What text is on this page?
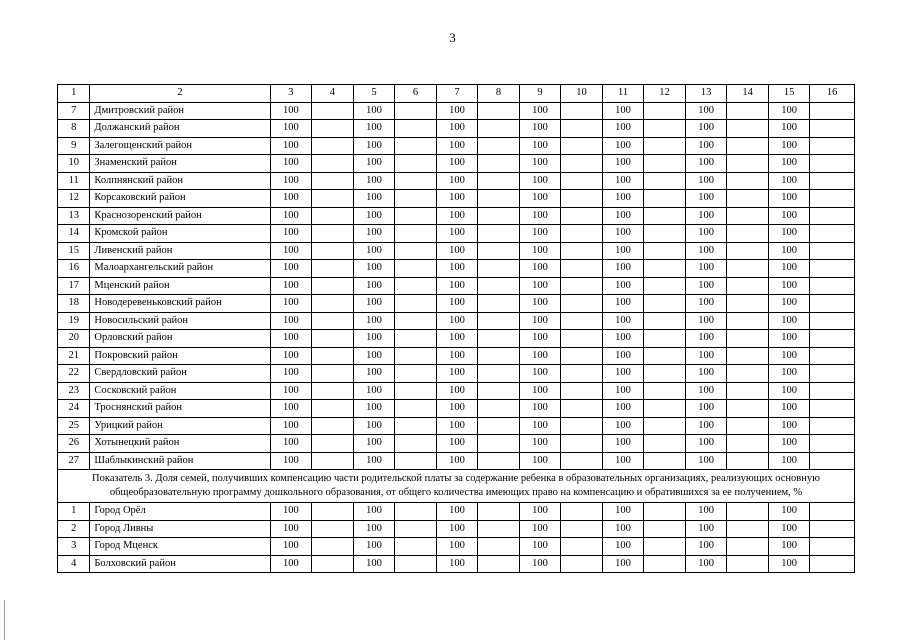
3
1	2	3	4	5	6	7	8	9	10	11	12	13	14	15	16
7	Дмитровский район	100		100		100		100		100		100		100	
8	Должанский район	100		100		100		100		100		100		100	
9	Залегощенский район	100		100		100		100		100		100		100	
10	Знаменский район	100		100		100		100		100		100		100	
11	Колпнянский район	100		100		100		100		100		100		100	
12	Корсаковский район	100		100		100		100		100		100		100	
13	Краснозоренский район	100		100		100		100		100		100		100	
14	Кромской район	100		100		100		100		100		100		100	
15	Ливенский район	100		100		100		100		100		100		100	
16	Малоархангельский район	100		100		100		100		100		100		100	
17	Мценский район	100		100		100		100		100		100		100	
18	Новодеревеньковский район	100		100		100		100		100		100		100	
19	Новосильский район	100		100		100		100		100		100		100	
20	Орловский район	100		100		100		100		100		100		100	
21	Покровский район	100		100		100		100		100		100		100	
22	Свердловский район	100		100		100		100		100		100		100	
23	Сосковский район	100		100		100		100		100		100		100	
24	Троснянский район	100		100		100		100		100		100		100	
25	Урицкий район	100		100		100		100		100		100		100	
26	Хотынецкий район	100		100		100		100		100		100		100	
27	Шаблыкинский район	100		100		100		100		100		100		100	
Показатель 3. Доля семей, получивших компенсацию части родительской платы за содержание ребенка в образовательных организациях, реализующих основную общеобразовательную программу дошкольного образования, от общего количества имеющих право на компенсацию и обратившихся за ее получением, %															
1	Город Орёл	100		100		100		100		100		100		100	
2	Город Ливны	100		100		100		100		100		100		100	
3	Город Мценск	100		100		100		100		100		100		100	
4	Болховский район	100		100		100		100		100		100		100	
